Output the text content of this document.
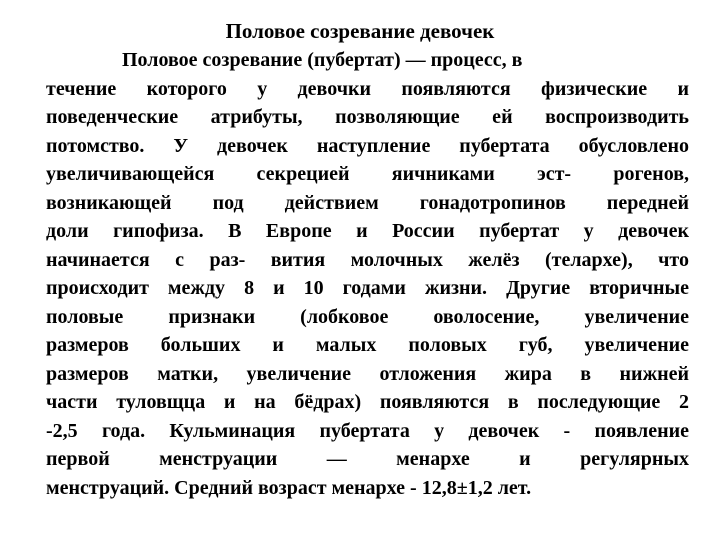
Половое созревание девочек
Половое созревание (пубертат) — процесс, в
течение которого у девочки появляются физические и
поведенческие атрибуты, позволяющие ей воспроизводить
потомство. У девочек наступление пубертата обусловлено
увеличивающейся секрецией яичниками эст- рогенов,
возникающей под действием гонадотропинов передней
доли гипофиза. В Европе и России пубертат у девочек
начинается с раз- вития молочных желёз (телархе), что
происходит между 8 и 10 годами жизни. Другие вторичные
половые признаки (лобковое оволосение, увеличение
размеров больших и малых половых губ, увеличение
размеров матки, увеличение отложения жира в нижней
части туловщца и на бёдрах) появляются в последующие 2
-2,5 года. Кульминация пубертата у девочек - появление
первой менструации — менархе и регулярных
менструаций. Средний возраст менархе - 12,8±1,2 лет.
